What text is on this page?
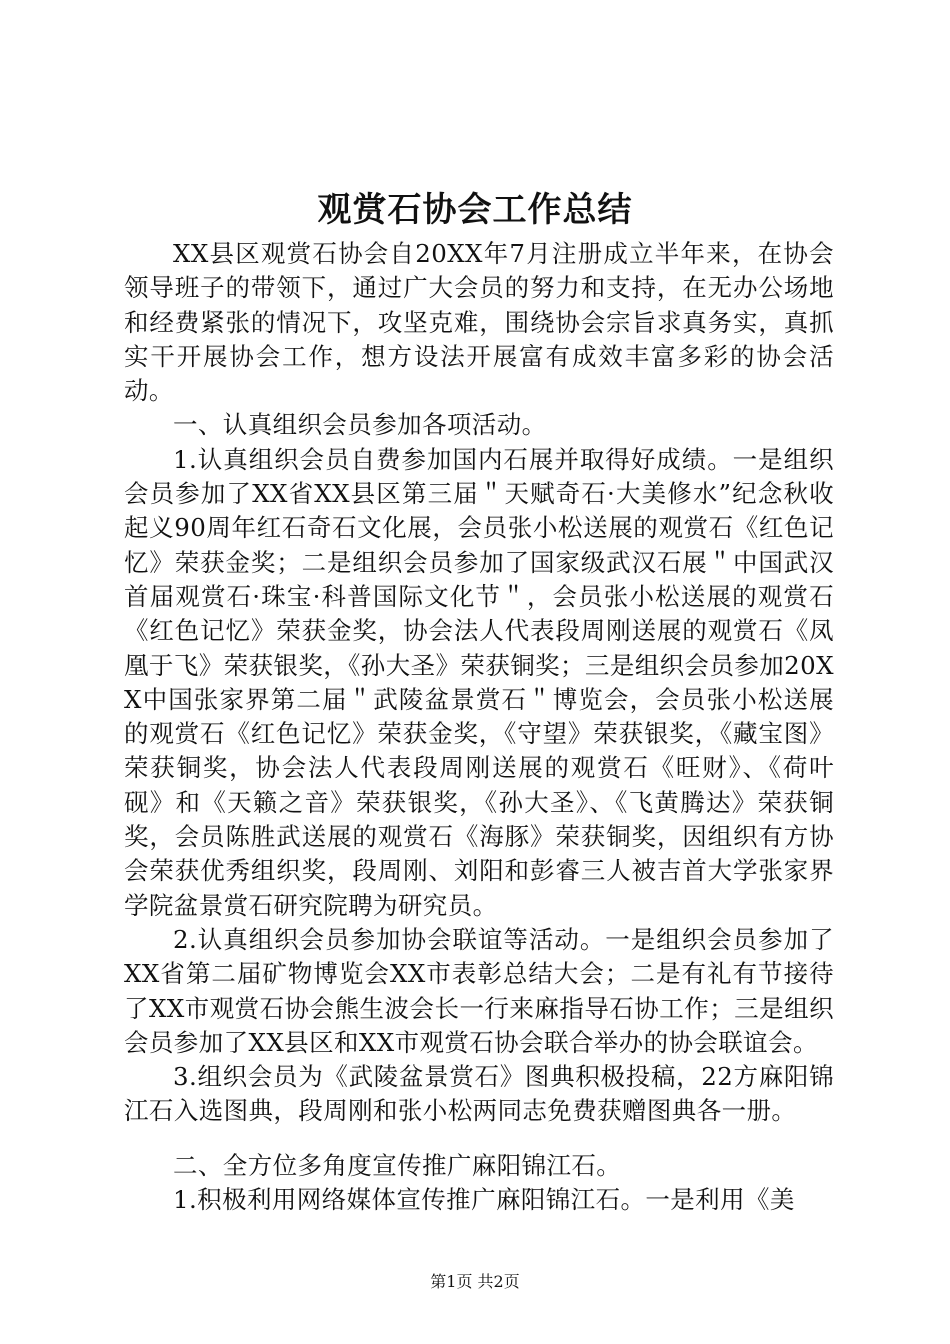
观赏石协会工作总结

XX县区观赏石协会自20XX年7月注册成立半年来，在协会领导班子的带领下，通过广大会员的努力和支持，在无办公场地和经费紧张的情况下，攻坚克难，围绕协会宗旨求真务实，真抓实干开展协会工作，想方设法开展富有成效丰富多彩的协会活动。

一、认真组织会员参加各项活动。

1.认真组织会员自费参加国内石展并取得好成绩。一是组织会员参加了XX省XX县区第三届＂天赋奇石·大美修水”纪念秋收起义90周年红石奇石文化展，会员张小松送展的观赏石《红色记忆》荣获金奖；二是组织会员参加了国家级武汉石展＂中国武汉首届观赏石·珠宝·科普国际文化节＂，会员张小松送展的观赏石《红色记忆》荣获金奖，协会法人代表段周刚送展的观赏石《凤凰于飞》荣获银奖，《孙大圣》荣获铜奖；三是组织会员参加20XX中国张家界第二届＂武陵盆景赏石＂博览会，会员张小松送展的观赏石《红色记忆》荣获金奖，《守望》荣获银奖，《藏宝图》荣获铜奖，协会法人代表段周刚送展的观赏石《旺财》、《荷叶砚》和《天籁之音》荣获银奖，《孙大圣》、《飞黄腾达》荣获铜奖，会员陈胜武送展的观赏石《海豚》荣获铜奖，因组织有方协会荣获优秀组织奖，段周刚、刘阳和彭睿三人被吉首大学张家界学院盆景赏石研究院聘为研究员。

2.认真组织会员参加协会联谊等活动。一是组织会员参加了XX省第二届矿物博览会XX市表彰总结大会；二是有礼有节接待了XX市观赏石协会熊生波会长一行来麻指导石协工作；三是组织会员参加了XX县区和XX市观赏石协会联合举办的协会联谊会。

3.组织会员为《武陵盆景赏石》图典积极投稿，22方麻阳锦江石入选图典，段周刚和张小松两同志免费获赠图典各一册。

二、全方位多角度宣传推广麻阳锦江石。

1.积极利用网络媒体宣传推广麻阳锦江石。一是利用《美

第1页 共2页
